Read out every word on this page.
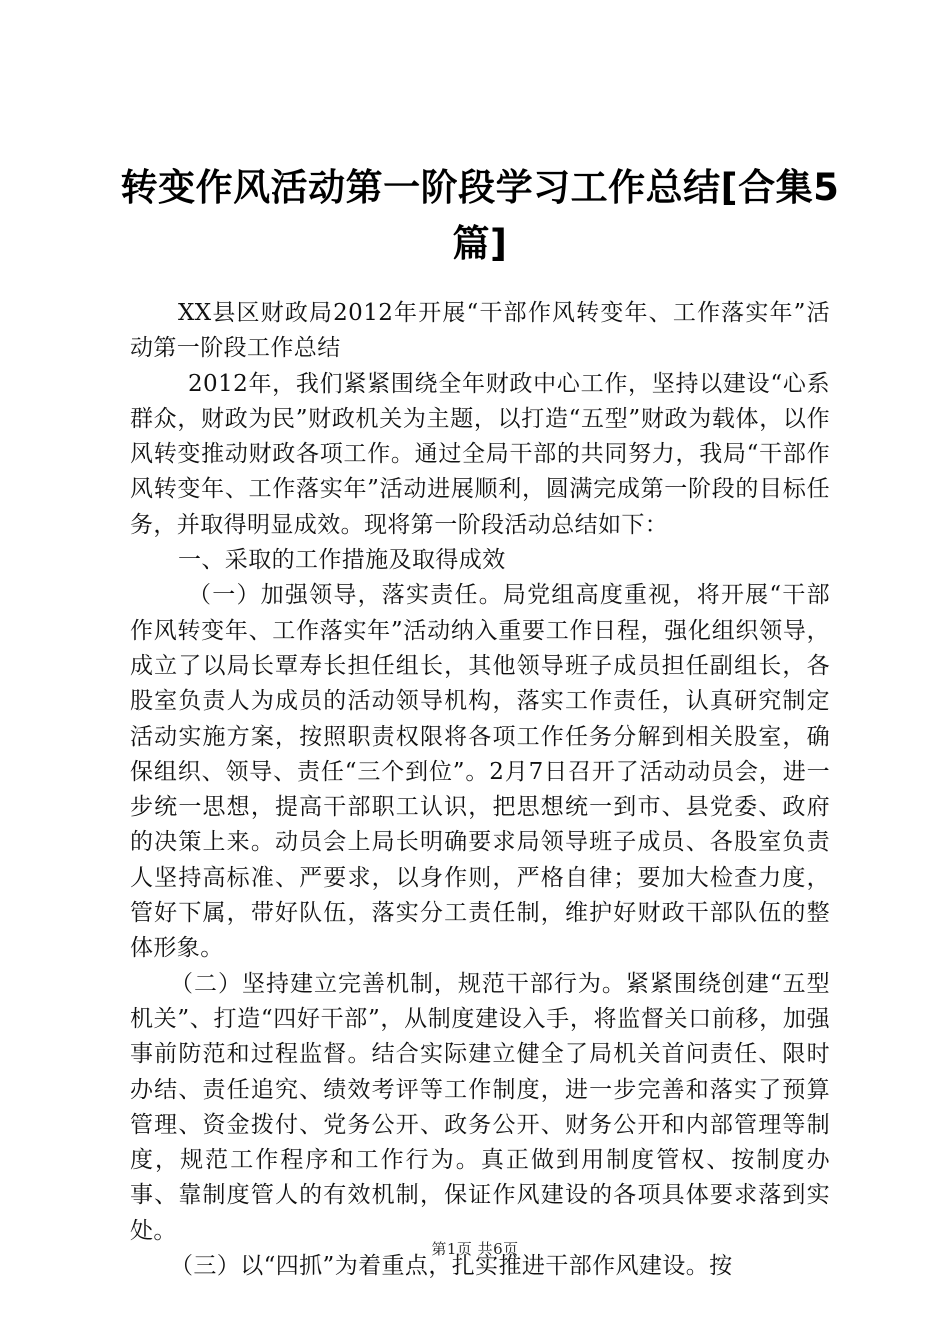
转变作风活动第一阶段学习工作总结[合集5篇]

XX县区财政局2012年开展“干部作风转变年、工作落实年”活动第一阶段工作总结

2012年，我们紧紧围绕全年财政中心工作，坚持以建设“心系群众，财政为民”财政机关为主题，以打造“五型”财政为载体，以作风转变推动财政各项工作。通过全局干部的共同努力，我局“干部作风转变年、工作落实年”活动进展顺利，圆满完成第一阶段的目标任务，并取得明显成效。现将第一阶段活动总结如下：

一、采取的工作措施及取得成效

（一）加强领导，落实责任。局党组高度重视，将开展“干部作风转变年、工作落实年”活动纳入重要工作日程，强化组织领导，成立了以局长覃寿长担任组长，其他领导班子成员担任副组长，各股室负责人为成员的活动领导机构，落实工作责任，认真研究制定活动实施方案，按照职责权限将各项工作任务分解到相关股室，确保组织、领导、责任“三个到位”。2月7日召开了活动动员会，进一步统一思想，提高干部职工认识，把思想统一到市、县党委、政府的决策上来。动员会上局长明确要求局领导班子成员、各股室负责人坚持高标准、严要求，以身作则，严格自律；要加大检查力度，管好下属，带好队伍，落实分工责任制，维护好财政干部队伍的整体形象。

（二）坚持建立完善机制，规范干部行为。紧紧围绕创建“五型机关”、打造“四好干部”，从制度建设入手，将监督关口前移，加强事前防范和过程监督。结合实际建立健全了局机关首问责任、限时办结、责任追究、绩效考评等工作制度，进一步完善和落实了预算管理、资金拨付、党务公开、政务公开、财务公开和内部管理等制度，规范工作程序和工作行为。真正做到用制度管权、按制度办事、靠制度管人的有效机制，保证作风建设的各项具体要求落到实处。

（三）以“四抓”为着重点，扎实推进干部作风建设。按

第1页 共6页
